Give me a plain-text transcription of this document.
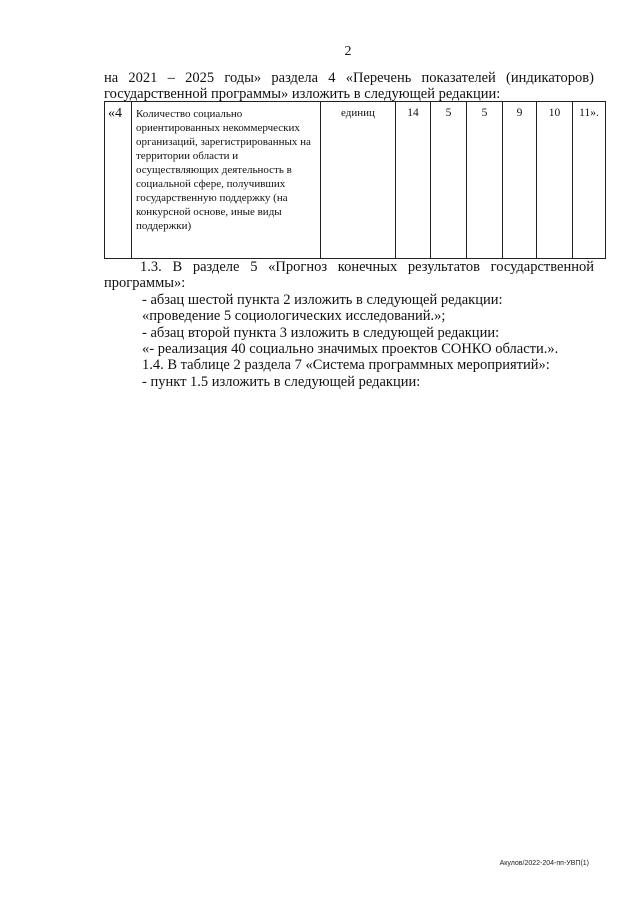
2
на 2021 – 2025 годы» раздела 4 «Перечень показателей (индикаторов) государственной программы» изложить в следующей редакции:
«4	Количество социально ориентированных некоммерческих организаций, зарегистрированных на территории области и осуществляющих деятельность в социальной сфере, получивших государственную поддержку (на конкурсной основе, иные виды поддержки)	единиц	14	5	5	9	10	11».

1.3. В разделе 5 «Прогноз конечных результатов государственной программы»:

- абзац шестой пункта 2 изложить в следующей редакции:

«проведение 5 социологических исследований.»;

- абзац второй пункта 3 изложить в следующей редакции:

«- реализация 40 социально значимых проектов СОНКО области.».

1.4. В таблице 2 раздела 7 «Система программных мероприятий»:

- пункт 1.5 изложить в следующей редакции:

Акулов/2022-204-пп-УВП(1)
